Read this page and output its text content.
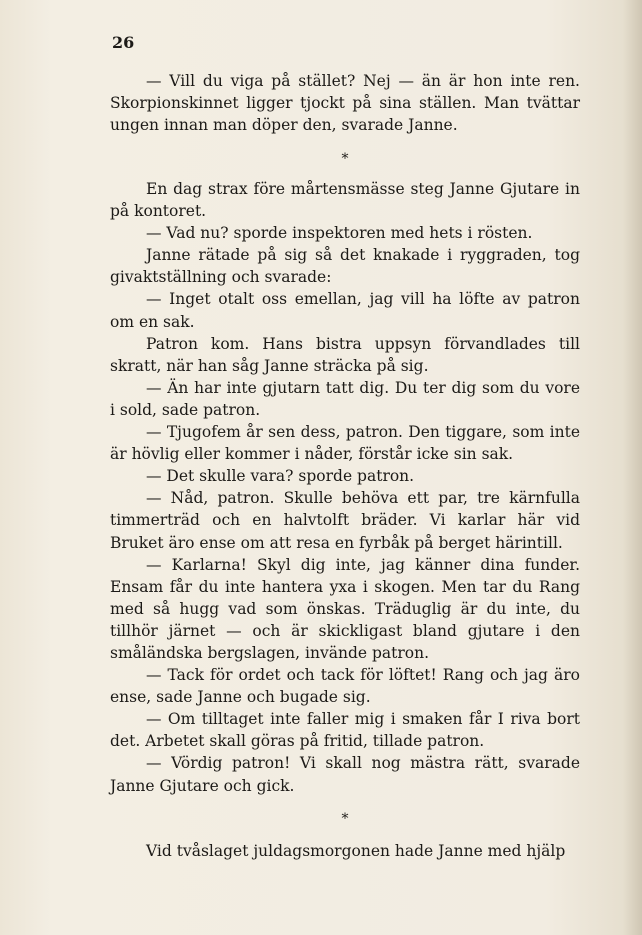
26

— Vill du viga på stället? Nej — än är hon inte ren. Skorpionskinnet ligger tjockt på sina ställen. Man tvättar ungen innan man döper den, svarade Janne.

*

En dag strax före mårtensmässe steg Janne Gjutare in på kontoret.

— Vad nu? sporde inspektoren med hets i rösten.

Janne rätade på sig så det knakade i ryggraden, tog givaktställning och svarade:

— Inget otalt oss emellan, jag vill ha löfte av patron om en sak.

Patron kom. Hans bistra uppsyn förvandlades till skratt, när han såg Janne sträcka på sig.

— Än har inte gjutarn tatt dig. Du ter dig som du vore i sold, sade patron.

— Tjugofem år sen dess, patron. Den tiggare, som inte är hövlig eller kommer i nåder, förstår icke sin sak.

— Det skulle vara? sporde patron.

— Nåd, patron. Skulle behöva ett par, tre kärnfulla timmerträd och en halvtolft bräder. Vi karlar här vid Bruket äro ense om att resa en fyrbåk på berget härintill.

— Karlarna! Skyl dig inte, jag känner dina funder. Ensam får du inte hantera yxa i skogen. Men tar du Rang med så hugg vad som önskas. Träduglig är du inte, du tillhör järnet — och är skickligast bland gjutare i den småländska bergslagen, invände patron.

— Tack för ordet och tack för löftet! Rang och jag äro ense, sade Janne och bugade sig.

— Om tilltaget inte faller mig i smaken får I riva bort det. Arbetet skall göras på fritid, tillade patron.

— Vördig patron! Vi skall nog mästra rätt, svarade Janne Gjutare och gick.

*

Vid tvåslaget juldagsmorgonen hade Janne med hjälp
